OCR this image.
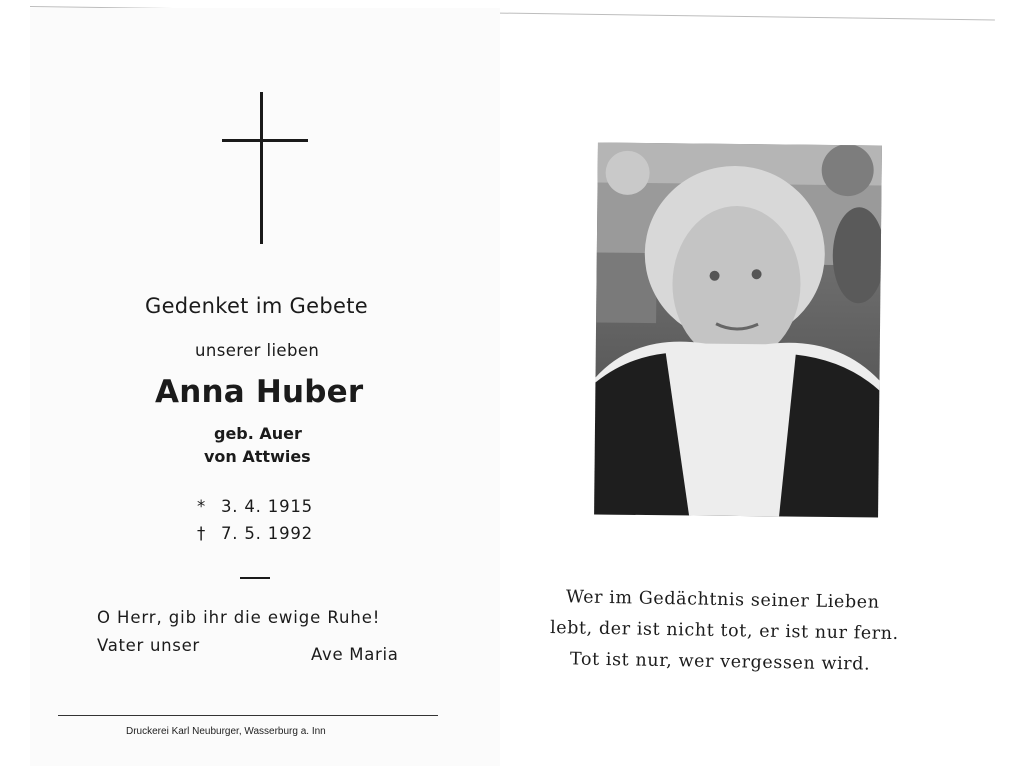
Gedenket im Gebete
unserer lieben
Anna Huber
geb. Auer
von Attwies
* 3. 4. 1915
† 7. 5. 1992
O Herr, gib ihr die ewige Ruhe!
Vater unser	Ave Maria
Druckerei Karl Neuburger, Wasserburg a. Inn
Wer im Gedächtnis seiner Lieben
lebt, der ist nicht tot, er ist nur fern.
Tot ist nur, wer vergessen wird.
